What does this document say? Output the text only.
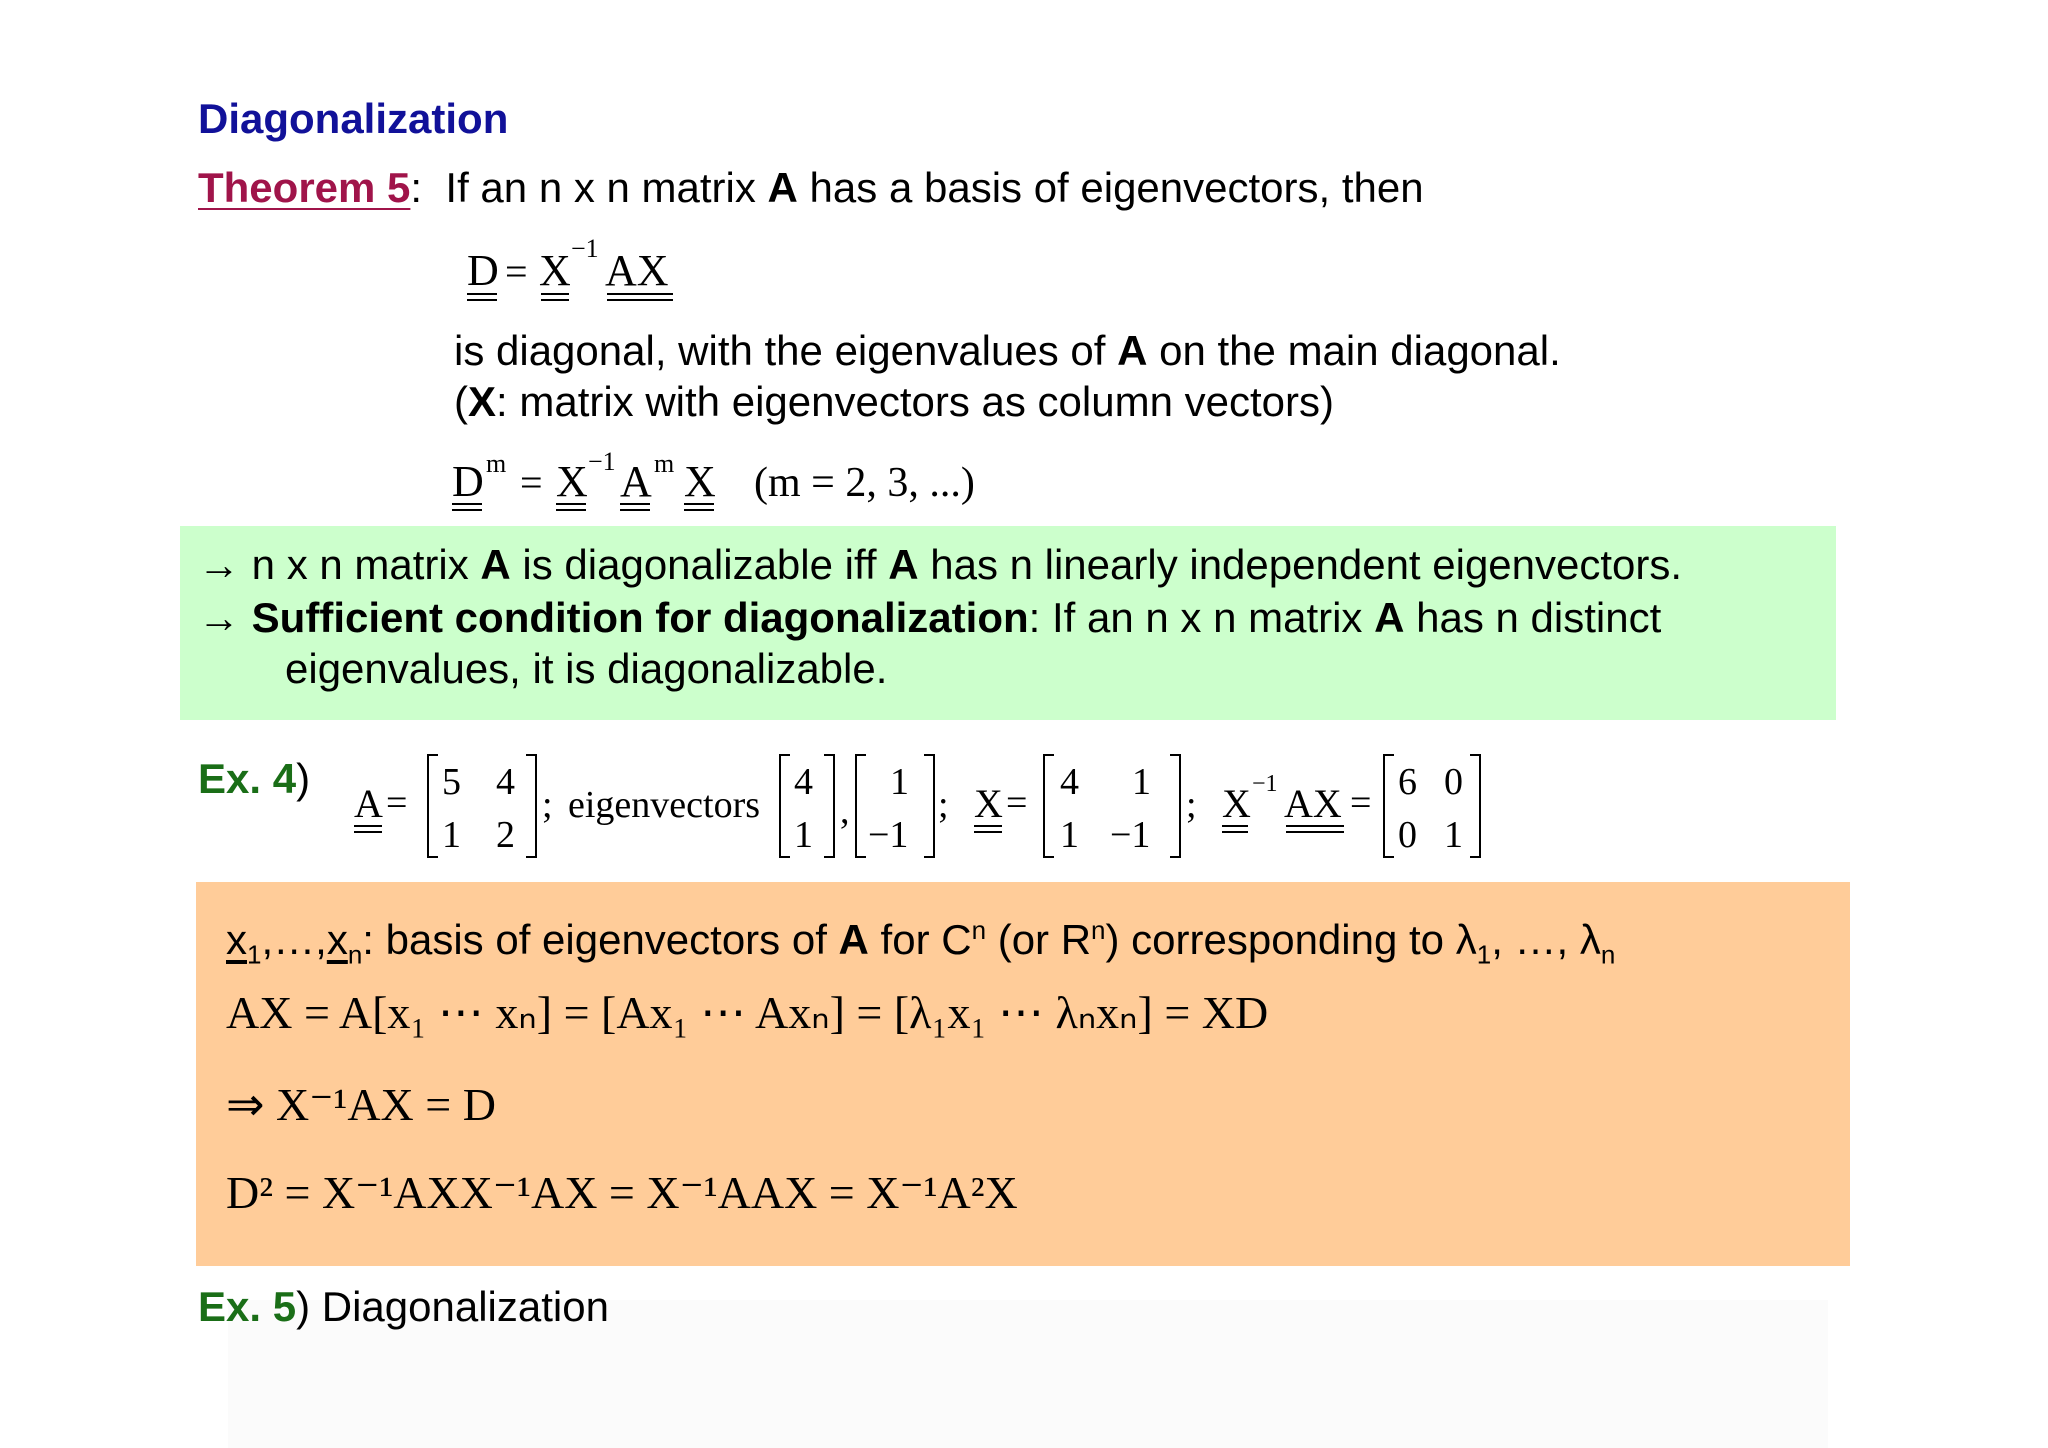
Diagonalization
Theorem 5: If an n x n matrix A has a basis of eigenvectors, then
D = X −1 AX
is diagonal, with the eigenvalues of A on the main diagonal.
(X: matrix with eigenvectors as column vectors)
D m = X −1 A m X (m = 2, 3, ...)
→ n x n matrix A is diagonalizable iff A has n linearly independent eigenvectors.
→ Sufficient condition for diagonalization: If an n x n matrix A has n distinct
eigenvalues, it is diagonalizable.
Ex. 4)
A = 5 4
1 2
; eigenvectors
4
1
,
1
−1
; X = 4 1
1 −1
; X −1 AX = 6 0
0 1
$x_1,\dots,x_n$: basis of eigenvectors of A for $C^n$ (or $R^n$) corresponding to $\lambda_1$, …, $\lambda_n$
AX = A[x₁ ⋯ xₙ] = [Ax₁ ⋯ Axₙ] = [λ₁x₁ ⋯ λₙxₙ] = XD
⇒ X⁻¹AX = D
D² = X⁻¹AXX⁻¹AX = X⁻¹AAX = X⁻¹A²X
Ex. 5) Diagonalization
